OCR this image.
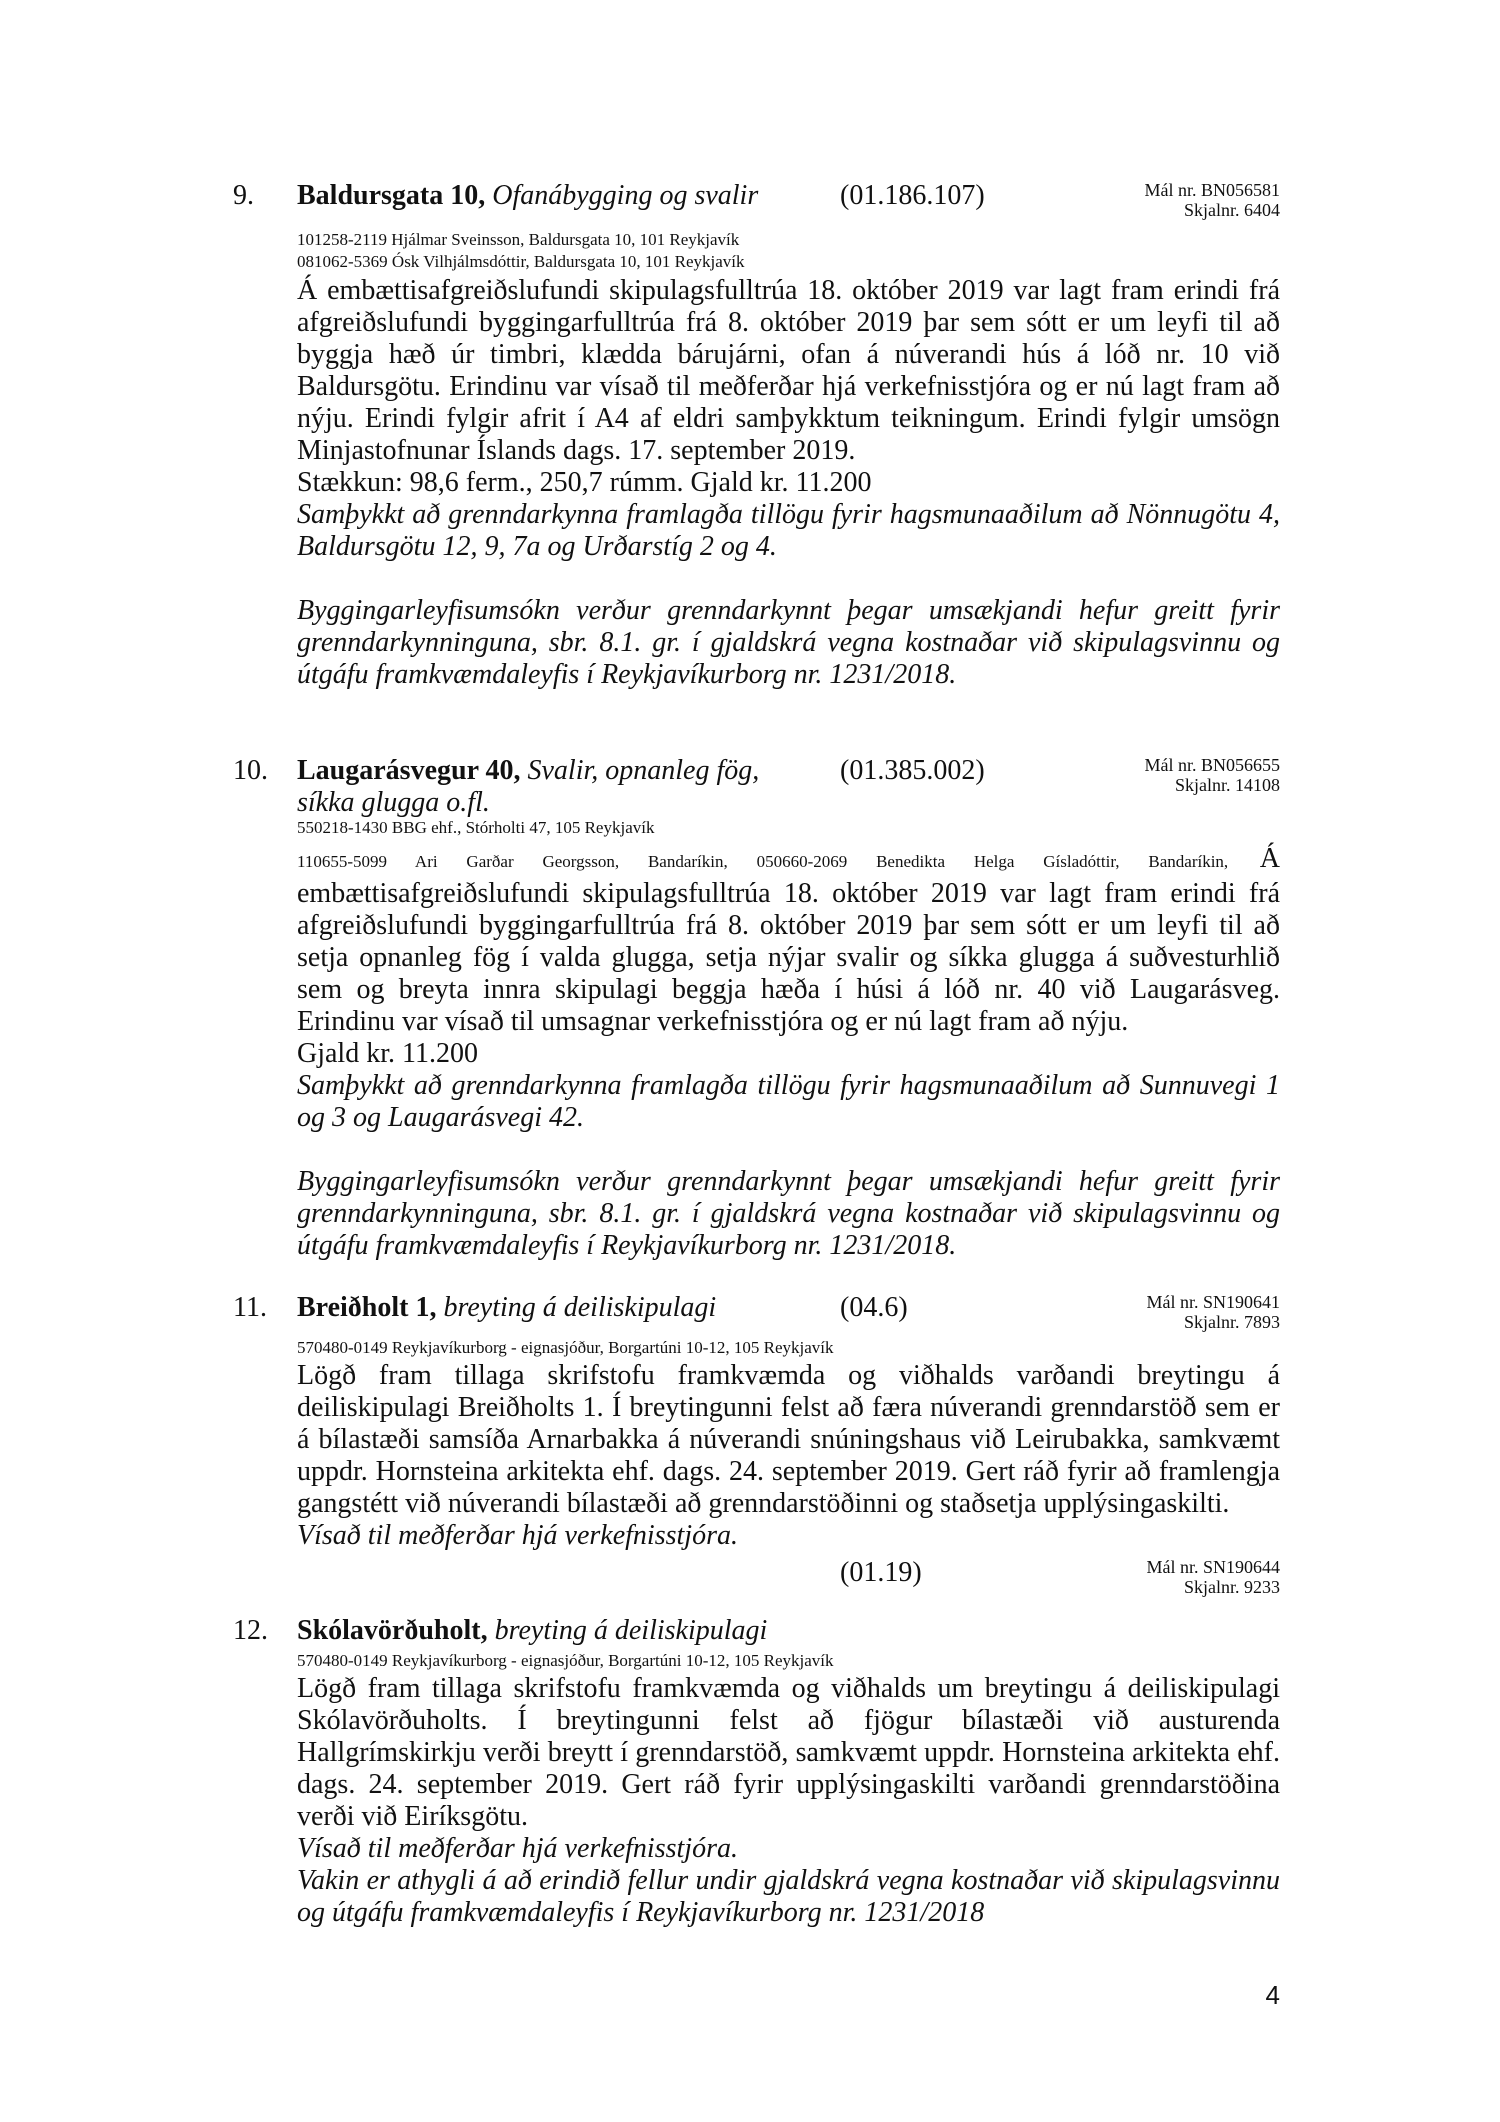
9. Baldursgata 10, Ofanábygging og svalir	(01.186.107)	Mál nr. BN056581
Skjalnr. 6404
101258-2119 Hjálmar Sveinsson, Baldursgata 10, 101 Reykjavík
081062-5369 Ósk Vilhjálmsdóttir, Baldursgata 10, 101 Reykjavík

Á embættisafgreiðslufundi skipulagsfulltrúa 18. október 2019 var lagt fram erindi frá afgreiðslufundi byggingarfulltrúa frá 8. október 2019 þar sem sótt er um leyfi til að byggja hæð úr timbri, klædda bárujárni, ofan á núverandi hús á lóð nr. 10 við Baldursgötu. Erindinu var vísað til meðferðar hjá verkefnisstjóra og er nú lagt fram að nýju. Erindi fylgir afrit í A4 af eldri samþykktum teikningum. Erindi fylgir umsögn Minjastofnunar Íslands dags. 17. september 2019.

Stækkun: 98,6 ferm., 250,7 rúmm. Gjald kr. 11.200

Samþykkt að grenndarkynna framlagða tillögu fyrir hagsmunaaðilum að Nönnugötu 4, Baldursgötu 12, 9, 7a og Urðarstíg 2 og 4.

Byggingarleyfisumsókn verður grenndarkynnt þegar umsækjandi hefur greitt fyrir grenndarkynninguna, sbr. 8.1. gr. í gjaldskrá vegna kostnaðar við skipulagsvinnu og útgáfu framkvæmdaleyfis í Reykjavíkurborg nr. 1231/2018.

10. Laugarásvegur 40, Svalir, opnanleg fög, síkka glugga o.fl.
(01.385.002)	Mál nr. BN056655
Skjalnr. 14108
550218-1430 BBG ehf., Stórholti 47, 105 Reykjavík

110655-5099 Ari Garðar Georgsson, Bandaríkin, 050660-2069 Benedikta Helga Gísladóttir, Bandaríkin, Á embættisafgreiðslufundi skipulagsfulltrúa 18. október 2019 var lagt fram erindi frá afgreiðslufundi byggingarfulltrúa frá 8. október 2019 þar sem sótt er um leyfi til að setja opnanleg fög í valda glugga, setja nýjar svalir og síkka glugga á suðvesturhlið sem og breyta innra skipulagi beggja hæða í húsi á lóð nr. 40 við Laugarásveg. Erindinu var vísað til umsagnar verkefnisstjóra og er nú lagt fram að nýju.

Gjald kr. 11.200

Samþykkt að grenndarkynna framlagða tillögu fyrir hagsmunaaðilum að Sunnuvegi 1 og 3 og Laugarásvegi 42.

Byggingarleyfisumsókn verður grenndarkynnt þegar umsækjandi hefur greitt fyrir grenndarkynninguna, sbr. 8.1. gr. í gjaldskrá vegna kostnaðar við skipulagsvinnu og útgáfu framkvæmdaleyfis í Reykjavíkurborg nr. 1231/2018.

11. Breiðholt 1, breyting á deiliskipulagi	(04.6)	Mál nr. SN190641
Skjalnr. 7893
570480-0149 Reykjavíkurborg - eignasjóður, Borgartúni 10-12, 105 Reykjavík

Lögð fram tillaga skrifstofu framkvæmda og viðhalds varðandi breytingu á deiliskipulagi Breiðholts 1. Í breytingunni felst að færa núverandi grenndarstöð sem er á bílastæði samsíða Arnarbakka á núverandi snúningshaus við Leirubakka, samkvæmt uppdr. Hornsteina arkitekta ehf. dags. 24. september 2019. Gert ráð fyrir að framlengja gangstétt við núverandi bílastæði að grenndarstöðinni og staðsetja upplýsingaskilti.

Vísað til meðferðar hjá verkefnisstjóra.

(01.19)	Mál nr. SN190644
Skjalnr. 9233
12. Skólavörðuholt, breyting á deiliskipulagi
570480-0149 Reykjavíkurborg - eignasjóður, Borgartúni 10-12, 105 Reykjavík

Lögð fram tillaga skrifstofu framkvæmda og viðhalds um breytingu á deiliskipulagi Skólavörðuholts. Í breytingunni felst að fjögur bílastæði við austurenda Hallgrímskirkju verði breytt í grenndarstöð, samkvæmt uppdr. Hornsteina arkitekta ehf. dags. 24. september 2019. Gert ráð fyrir upplýsingaskilti varðandi grenndarstöðina verði við Eiríksgötu.

Vísað til meðferðar hjá verkefnisstjóra.

Vakin er athygli á að erindið fellur undir gjaldskrá vegna kostnaðar við skipulagsvinnu og útgáfu framkvæmdaleyfis í Reykjavíkurborg nr. 1231/2018

4
